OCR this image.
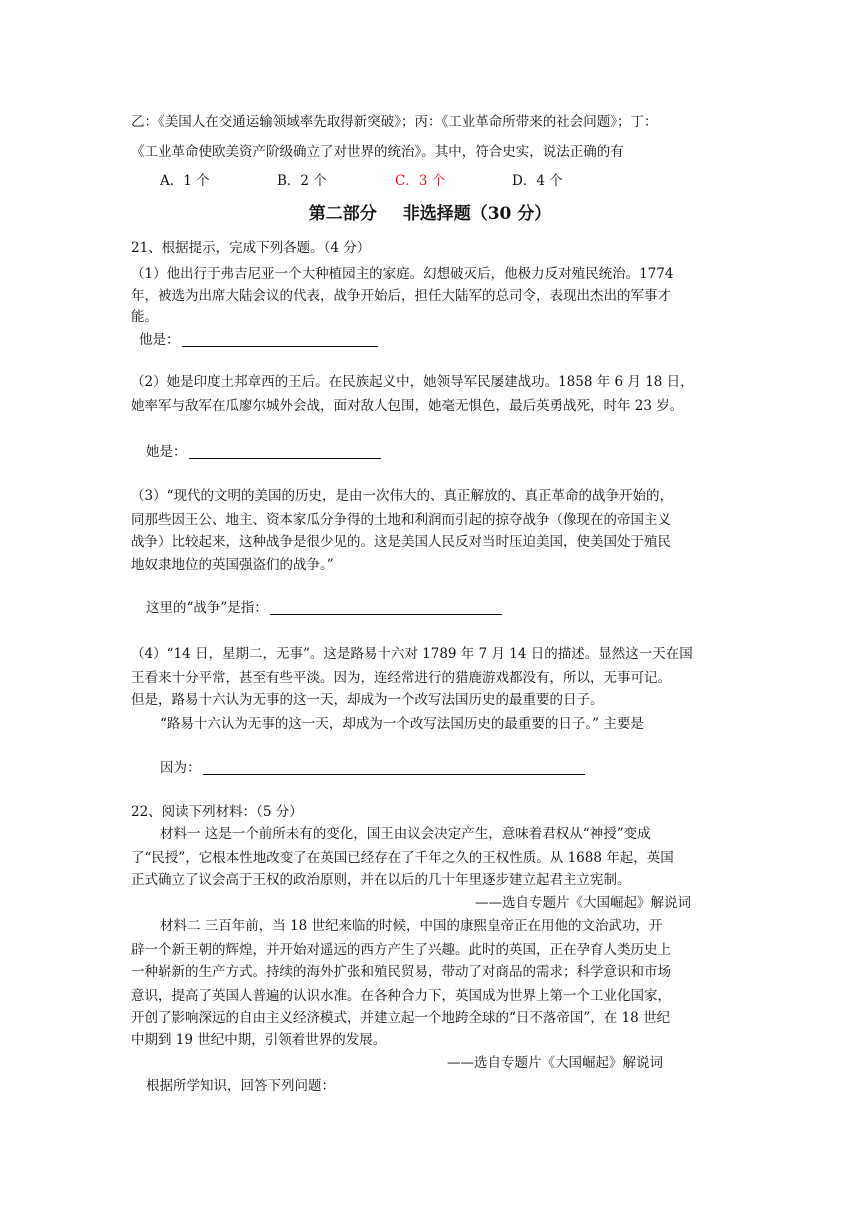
乙：《美国人在交通运输领域率先取得新突破》；丙：《工业革命所带来的社会问题》；丁：
《工业革命使欧美资产阶级确立了对世界的统治》。其中，符合史实，说法正确的有
A．1 个	B．2 个	C．3 个	D．4 个
第二部分 非选择题（30 分）
21、根据提示，完成下列各题。（4 分）
（1）他出行于弗吉尼亚一个大种植园主的家庭。幻想破灭后，他极力反对殖民统治。1774
年，被选为出席大陆会议的代表，战争开始后，担任大陆军的总司令，表现出杰出的军事才
能。
他是：
（2）她是印度土邦章西的王后。在民族起义中，她领导军民屡建战功。1858 年 6 月 18 日，
她率军与敌军在瓜廖尔城外会战，面对敌人包围，她毫无惧色，最后英勇战死，时年 23 岁。
她是：
（3）“现代的文明的美国的历史，是由一次伟大的、真正解放的、真正革命的战争开始的，
同那些因王公、地主、资本家瓜分争得的土地和利润而引起的掠夺战争（像现在的帝国主义
战争）比较起来，这种战争是很少见的。这是美国人民反对当时压迫美国，使美国处于殖民
地奴隶地位的英国强盗们的战争。”
这里的“战争”是指：
（4）“14 日，星期二，无事”。这是路易十六对 1789 年 7 月 14 日的描述。显然这一天在国
王看来十分平常，甚至有些平淡。因为，连经常进行的猎鹿游戏都没有，所以，无事可记。
但是，路易十六认为无事的这一天，却成为一个改写法国历史的最重要的日子。
“路易十六认为无事的这一天，却成为一个改写法国历史的最重要的日子。” 主要是
因为：
22、阅读下列材料：（5 分）
材料一 这是一个前所未有的变化，国王由议会决定产生，意味着君权从“神授”变成
了“民授”，它根本性地改变了在英国已经存在了千年之久的王权性质。从 1688 年起，英国
正式确立了议会高于王权的政治原则，并在以后的几十年里逐步建立起君主立宪制。
——选自专题片《大国崛起》解说词
材料二 三百年前，当 18 世纪来临的时候，中国的康熙皇帝正在用他的文治武功，开
辟一个新王朝的辉煌，并开始对遥远的西方产生了兴趣。此时的英国，正在孕育人类历史上
一种崭新的生产方式。持续的海外扩张和殖民贸易，带动了对商品的需求；科学意识和市场
意识，提高了英国人普遍的认识水准。在各种合力下，英国成为世界上第一个工业化国家，
开创了影响深远的自由主义经济模式，并建立起一个地跨全球的“日不落帝国”，在 18 世纪
中期到 19 世纪中期，引领着世界的发展。
——选自专题片《大国崛起》解说词
根据所学知识，回答下列问题：
